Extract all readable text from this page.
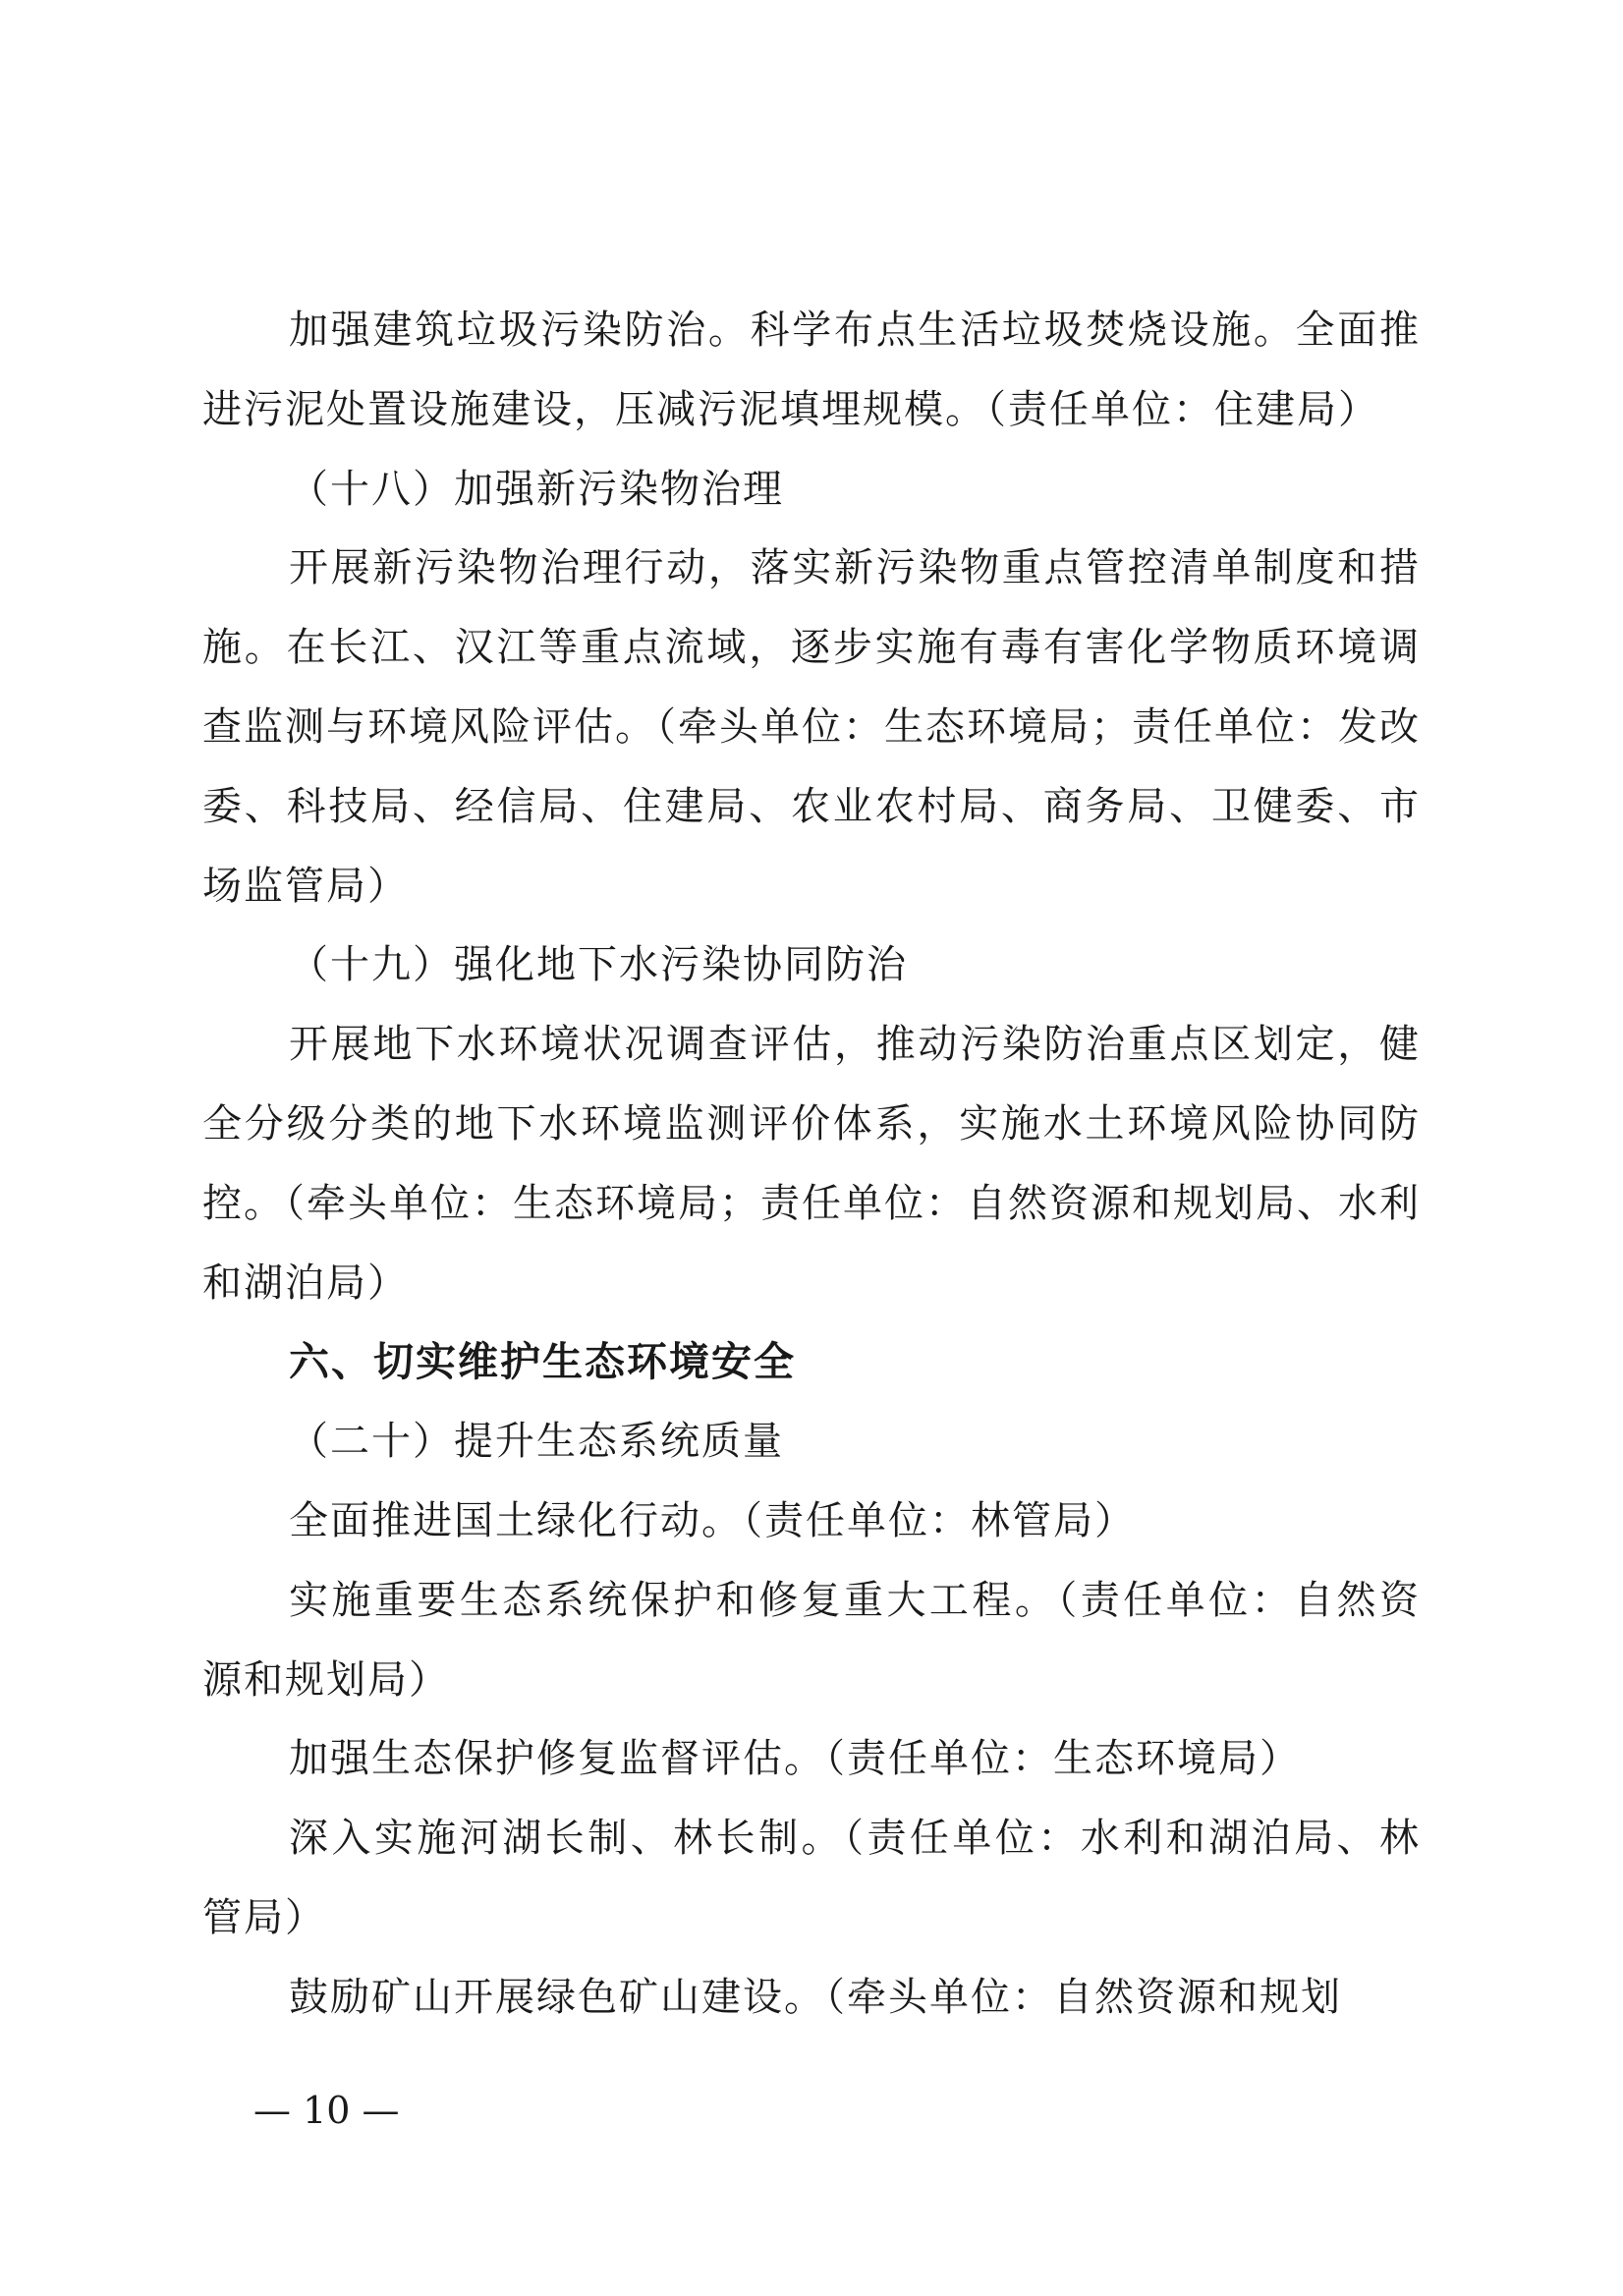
加强建筑垃圾污染防治。科学布点生活垃圾焚烧设施。全面推进污泥处置设施建设，压减污泥填埋规模。（责任单位：住建局）

（十八）加强新污染物治理

开展新污染物治理行动，落实新污染物重点管控清单制度和措施。在长江、汉江等重点流域，逐步实施有毒有害化学物质环境调查监测与环境风险评估。（牵头单位：生态环境局；责任单位：发改委、科技局、经信局、住建局、农业农村局、商务局、卫健委、市场监管局）

（十九）强化地下水污染协同防治

开展地下水环境状况调查评估，推动污染防治重点区划定，健全分级分类的地下水环境监测评价体系，实施水土环境风险协同防控。（牵头单位：生态环境局；责任单位：自然资源和规划局、水利和湖泊局）

六、切实维护生态环境安全

（二十）提升生态系统质量

全面推进国土绿化行动。（责任单位：林管局）

实施重要生态系统保护和修复重大工程。（责任单位：自然资源和规划局）

加强生态保护修复监督评估。（责任单位：生态环境局）

深入实施河湖长制、林长制。（责任单位：水利和湖泊局、林管局）

鼓励矿山开展绿色矿山建设。（牵头单位：自然资源和规划

— 10 —
